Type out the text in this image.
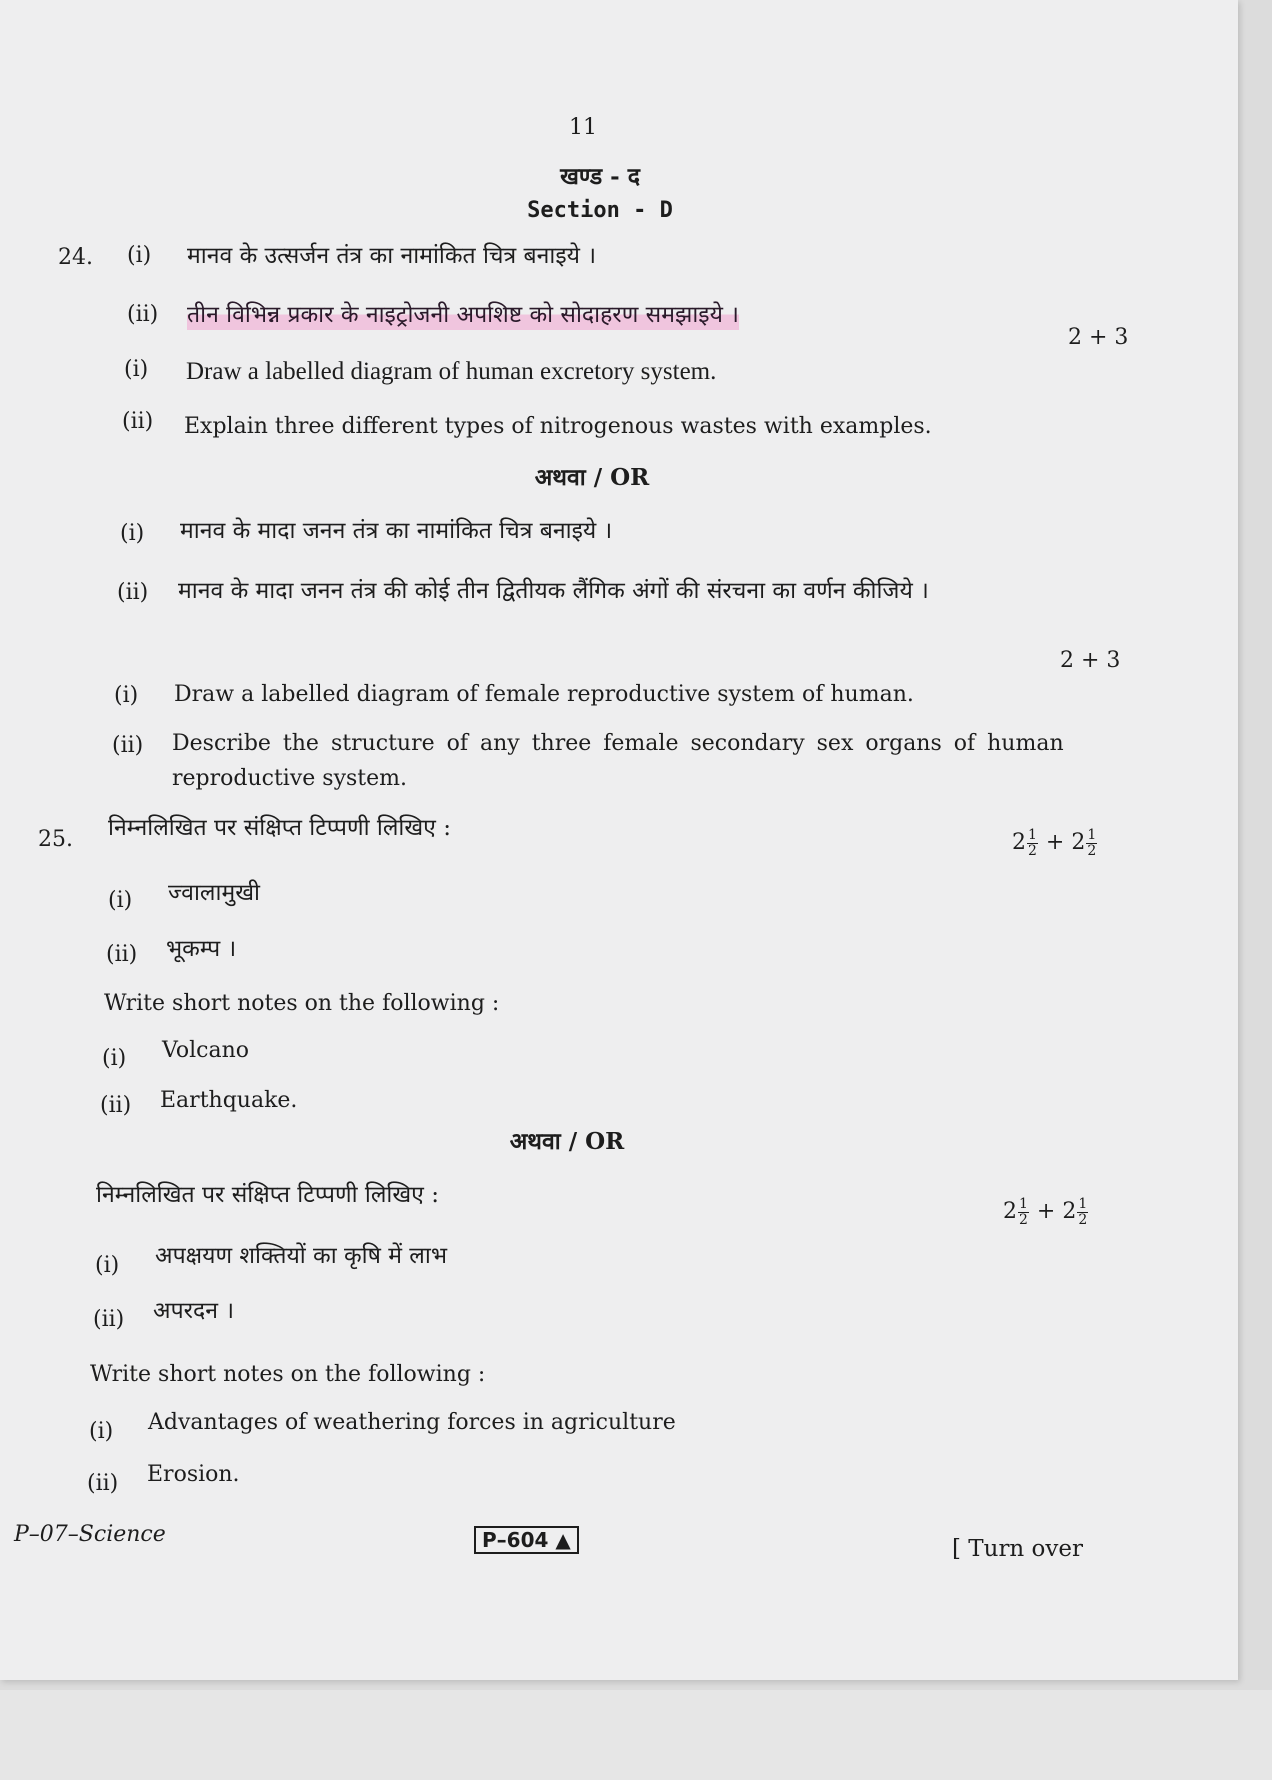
11
खण्ड - द
Section - D
24. (i) मानव के उत्सर्जन तंत्र का नामांकित चित्र बनाइये ।
(ii) तीन विभिन्न प्रकार के नाइट्रोजनी अपशिष्ट को सोदाहरण समझाइये ।
2 + 3
(i) Draw a labelled diagram of human excretory system.
(ii) Explain three different types of nitrogenous wastes with examples.
अथवा / OR
(i) मानव के मादा जनन तंत्र का नामांकित चित्र बनाइये ।
(ii) मानव के मादा जनन तंत्र की कोई तीन द्वितीयक लैंगिक अंगों की संरचना का वर्णन कीजिये ।
2 + 3
(i) Draw a labelled diagram of female reproductive system of human.
(ii) Describe the structure of any three female secondary sex organs of human
reproductive system.
25. निम्नलिखित पर संक्षिप्त टिप्पणी लिखिए :
$2 \frac{1}{2} + 2 \frac{1}{2}$
(i) ज्वालामुखी
(ii) भूकम्प ।
Write short notes on the following :
(i) Volcano
(ii) Earthquake.
अथवा / OR
निम्नलिखित पर संक्षिप्त टिप्पणी लिखिए :
$2 \frac{1}{2} + 2 \frac{1}{2}$
(i) अपक्षयण शक्तियों का कृषि में लाभ
(ii) अपरदन ।
Write short notes on the following :
(i) Advantages of weathering forces in agriculture
(ii) Erosion.
P–07–Science	P–604 ▲	[ Turn over
